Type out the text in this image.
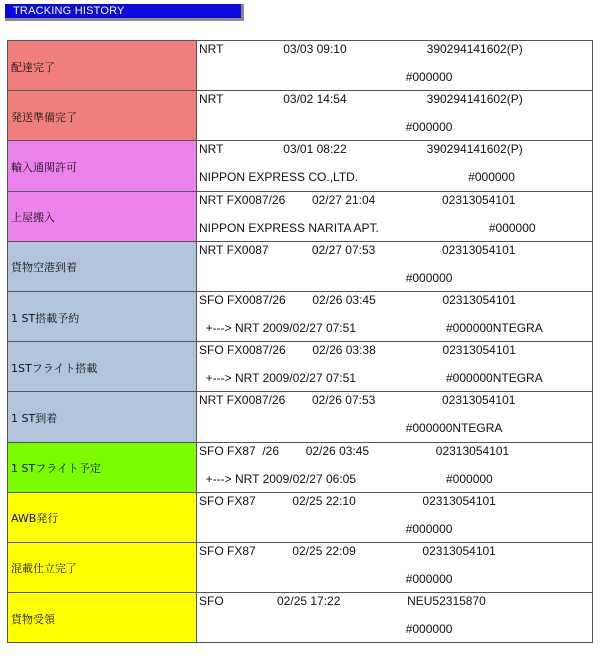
TRACKING HISTORY
配達完了	NRT                  03/03 09:10                        390294141602(P)
#000000

発送準備完了	NRT                  03/02 14:54                        390294141602(P)
#000000

輸入通関許可	NRT                  03/01 08:22                        390294141602(P)
NIPPON EXPRESS CO.,LTD.                                 #000000

上屋搬入	NRT FX0087/26        02/27 21:04                    02313054101
NIPPON EXPRESS NARITA APT.                                 #000000

貨物空港到着	NRT FX0087             02/27 07:53                    02313054101
#000000

1 ST搭載予約	SFO FX0087/26        02/26 03:45                    02313054101
+---> NRT 2009/02/27 07:51                           #000000NTEGRA

1STフライト搭載	SFO FX0087/26        02/26 03:38                    02313054101
+---> NRT 2009/02/27 07:51                           #000000NTEGRA

1 ST到着	NRT FX0087/26        02/26 07:53                    02313054101
#000000NTEGRA

1 STフライト予定	SFO FX87  /26        02/26 03:45                    02313054101
+---> NRT 2009/02/27 06:05                           #000000

AWB発行	SFO FX87           02/25 22:10                    02313054101
#000000

混載仕立完了	SFO FX87           02/25 22:09                    02313054101
#000000

貨物受領	SFO                02/25 17:22                    NEU52315870
#000000
